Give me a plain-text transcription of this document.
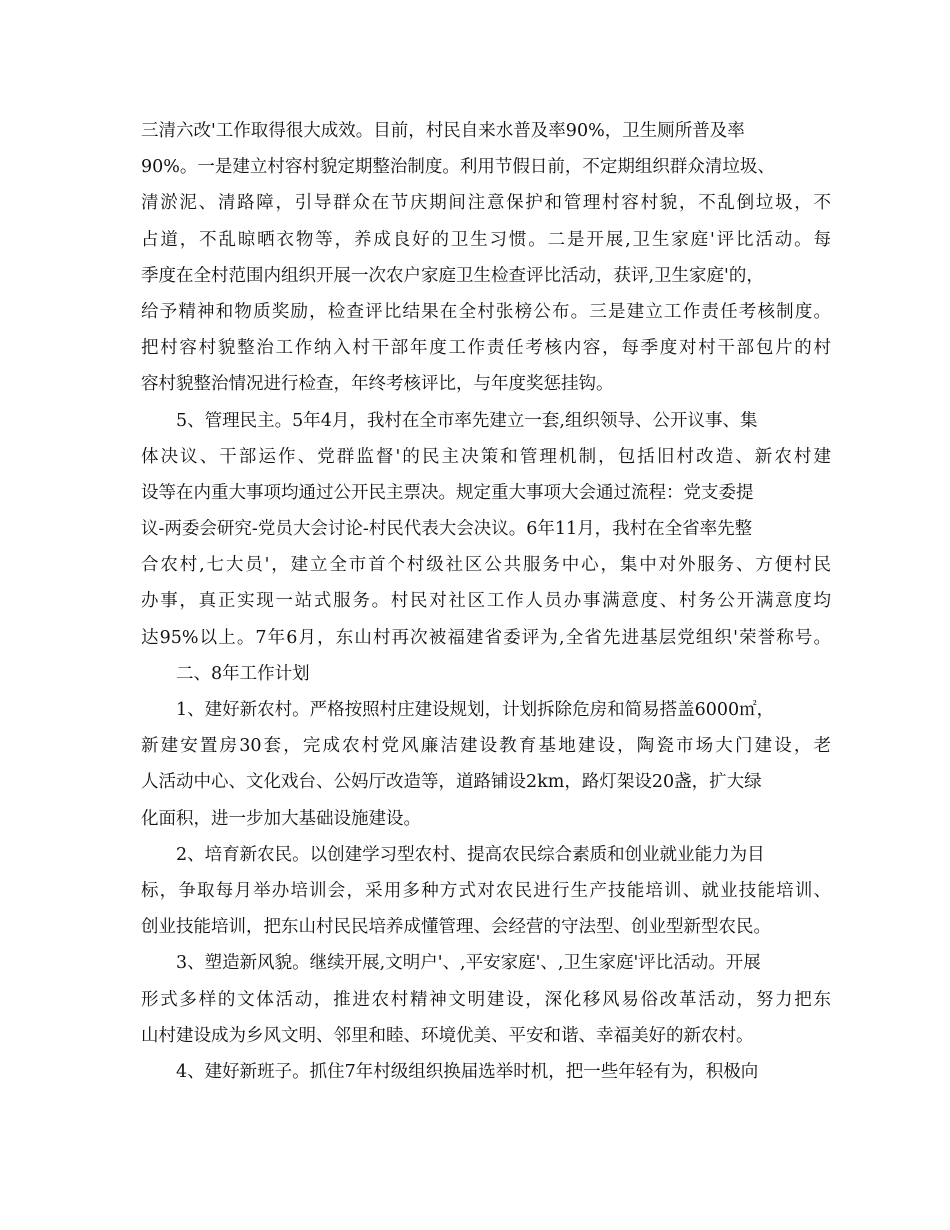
三清六改'工作取得很大成效。目前，村民自来水普及率90%，卫生厕所普及率
90%。一是建立村容村貌定期整治制度。利用节假日前，不定期组织群众清垃圾、
清淤泥、清路障，引导群众在节庆期间注意保护和管理村容村貌，不乱倒垃圾，不
占道，不乱晾晒衣物等，养成良好的卫生习惯。二是开展,卫生家庭'评比活动。每
季度在全村范围内组织开展一次农户家庭卫生检查评比活动，获评,卫生家庭'的，
给予精神和物质奖励，检查评比结果在全村张榜公布。三是建立工作责任考核制度。
把村容村貌整治工作纳入村干部年度工作责任考核内容，每季度对村干部包片的村
容村貌整治情况进行检查，年终考核评比，与年度奖惩挂钩。
5、管理民主。5年4月，我村在全市率先建立一套,组织领导、公开议事、集
体决议、干部运作、党群监督'的民主决策和管理机制，包括旧村改造、新农村建
设等在内重大事项均通过公开民主票决。规定重大事项大会通过流程：党支委提
议-两委会研究-党员大会讨论-村民代表大会决议。6年11月，我村在全省率先整
合农村,七大员'，建立全市首个村级社区公共服务中心，集中对外服务、方便村民
办事，真正实现一站式服务。村民对社区工作人员办事满意度、村务公开满意度均
达95%以上。7年6月，东山村再次被福建省委评为,全省先进基层党组织'荣誉称号。
二、8年工作计划
1、建好新农村。严格按照村庄建设规划，计划拆除危房和简易搭盖6000㎡，
新建安置房30套，完成农村党风廉洁建设教育基地建设，陶瓷市场大门建设，老
人活动中心、文化戏台、公妈厅改造等，道路铺设2km，路灯架设20盏，扩大绿
化面积，进一步加大基础设施建设。
2、培育新农民。以创建学习型农村、提高农民综合素质和创业就业能力为目
标，争取每月举办培训会，采用多种方式对农民进行生产技能培训、就业技能培训、
创业技能培训，把东山村民民培养成懂管理、会经营的守法型、创业型新型农民。
3、塑造新风貌。继续开展,文明户'、,平安家庭'、,卫生家庭'评比活动。开展
形式多样的文体活动，推进农村精神文明建设，深化移风易俗改革活动，努力把东
山村建设成为乡风文明、邻里和睦、环境优美、平安和谐、幸福美好的新农村。
4、建好新班子。抓住7年村级组织换届选举时机，把一些年轻有为，积极向
